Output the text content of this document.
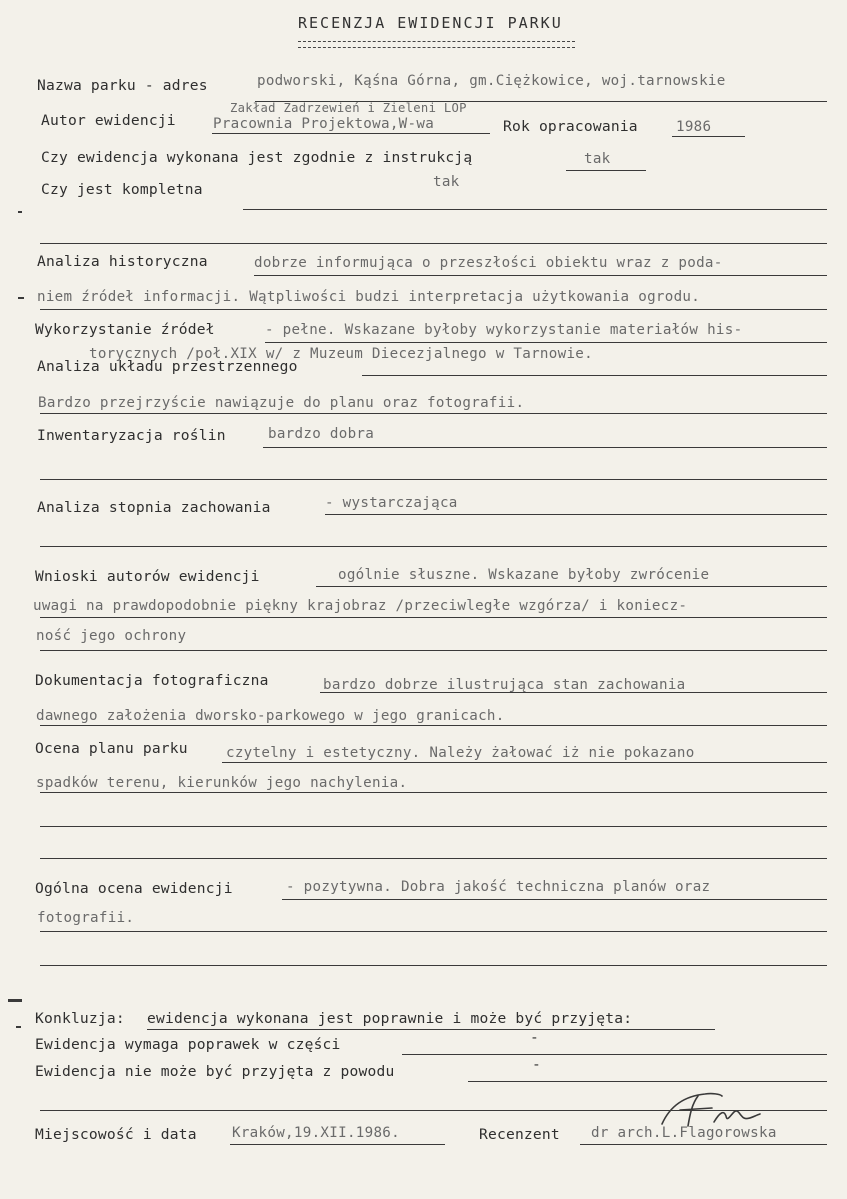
RECENZJA EWIDENCJI PARKU
Nazwa parku - adres	podworski, Kąśna Górna, gm.Ciężkowice, woj.tarnowskie
Zakład Zadrzewień i Zieleni LOP
Autor ewidencji	Pracownia Projektowa,W-wa	Rok opracowania	1986
Czy ewidencja wykonana jest zgodnie z instrukcją	tak
Czy jest kompletna	tak
Analiza historyczna	dobrze informująca o przeszłości obiektu wraz z poda-
niem źródeł informacji. Wątpliwości budzi interpretacja użytkowania ogrodu.
Wykorzystanie źródeł	- pełne. Wskazane byłoby wykorzystanie materiałów his-
torycznych /poł.XIX w/ z Muzeum Diecezjalnego w Tarnowie.
Analiza układu przestrzennego
Bardzo przejrzyście nawiązuje do planu oraz fotografii.
Inwentaryzacja roślin	bardzo dobra
Analiza stopnia zachowania	- wystarczająca
Wnioski autorów ewidencji	ogólnie słuszne. Wskazane byłoby zwrócenie
uwagi na prawdopodobnie piękny krajobraz /przeciwległe wzgórza/ i koniecz-
ność jego ochrony
Dokumentacja fotograficzna	bardzo dobrze ilustrująca stan zachowania
dawnego założenia dworsko-parkowego w jego granicach.
Ocena planu parku	czytelny i estetyczny. Należy żałować iż nie pokazano
spadków terenu, kierunków jego nachylenia.
Ogólna ocena ewidencji	- pozytywna. Dobra jakość techniczna planów oraz
fotografii.
Konkluzja: ewidencja wykonana jest poprawnie i może być przyjęta:
Ewidencja wymaga poprawek w części	-
Ewidencja nie może być przyjęta z powodu	-
Miejscowość i data Kraków,19.XII.1986.	Recenzent dr arch.L.Flagorowska
